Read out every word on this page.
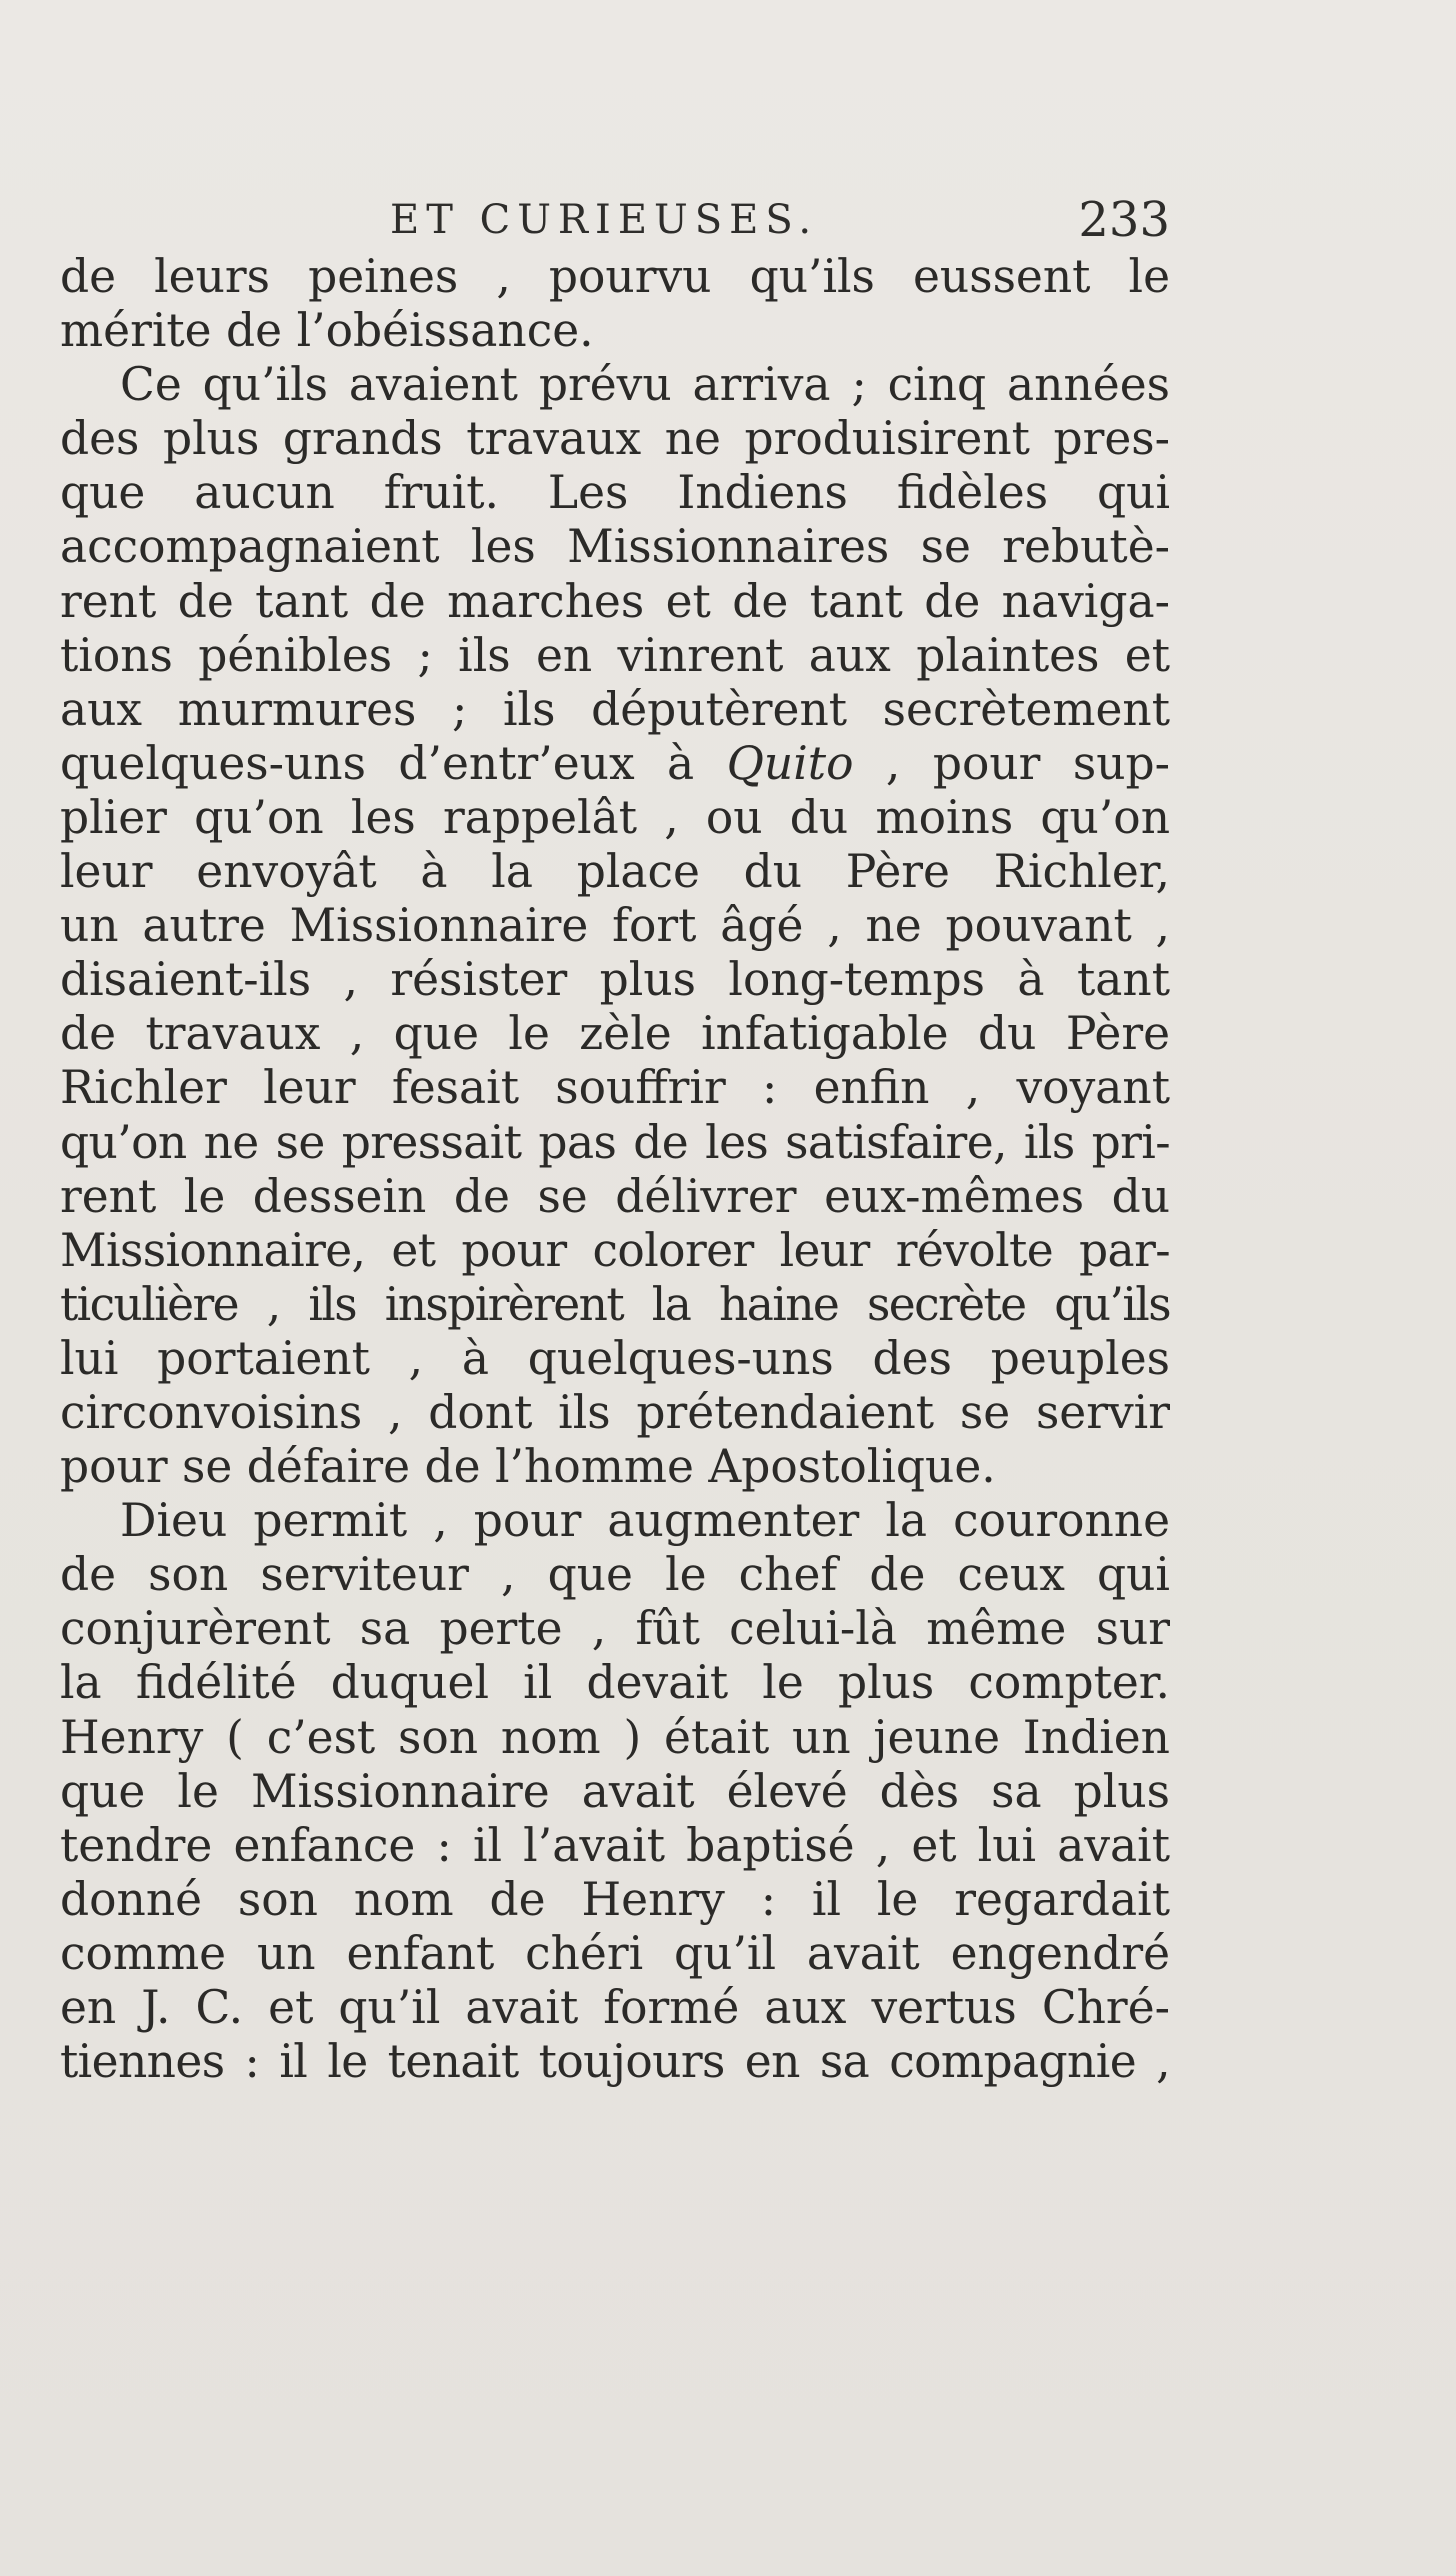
ET CURIEUSES.	233
de leurs peines , pourvu qu’ils eussent le
mérite de l’obéissance.
Ce qu’ils avaient prévu arriva ; cinq années
des plus grands travaux ne produisirent pres-
que aucun fruit. Les Indiens fidèles qui
accompagnaient les Missionnaires se rebutè-
rent de tant de marches et de tant de naviga-
tions pénibles ; ils en vinrent aux plaintes et
aux murmures ; ils députèrent secrètement
quelques-uns d’entr’eux à Quito , pour sup-
plier qu’on les rappelât , ou du moins qu’on
leur envoyât à la place du Père Richler,
un autre Missionnaire fort âgé , ne pouvant ,
disaient-ils , résister plus long-temps à tant
de travaux , que le zèle infatigable du Père
Richler leur fesait souffrir : enfin , voyant
qu’on ne se pressait pas de les satisfaire, ils pri-
rent le dessein de se délivrer eux-mêmes du
Missionnaire, et pour colorer leur révolte par-
ticulière , ils inspirèrent la haine secrète qu’ils
lui portaient , à quelques-uns des peuples
circonvoisins , dont ils prétendaient se servir
pour se défaire de l’homme Apostolique.
Dieu permit , pour augmenter la couronne
de son serviteur , que le chef de ceux qui
conjurèrent sa perte , fût celui-là même sur
la fidélité duquel il devait le plus compter.
Henry ( c’est son nom ) était un jeune Indien
que le Missionnaire avait élevé dès sa plus
tendre enfance : il l’avait baptisé , et lui avait
donné son nom de Henry : il le regardait
comme un enfant chéri qu’il avait engendré
en J. C. et qu’il avait formé aux vertus Chré-
tiennes : il le tenait toujours en sa compagnie ,
